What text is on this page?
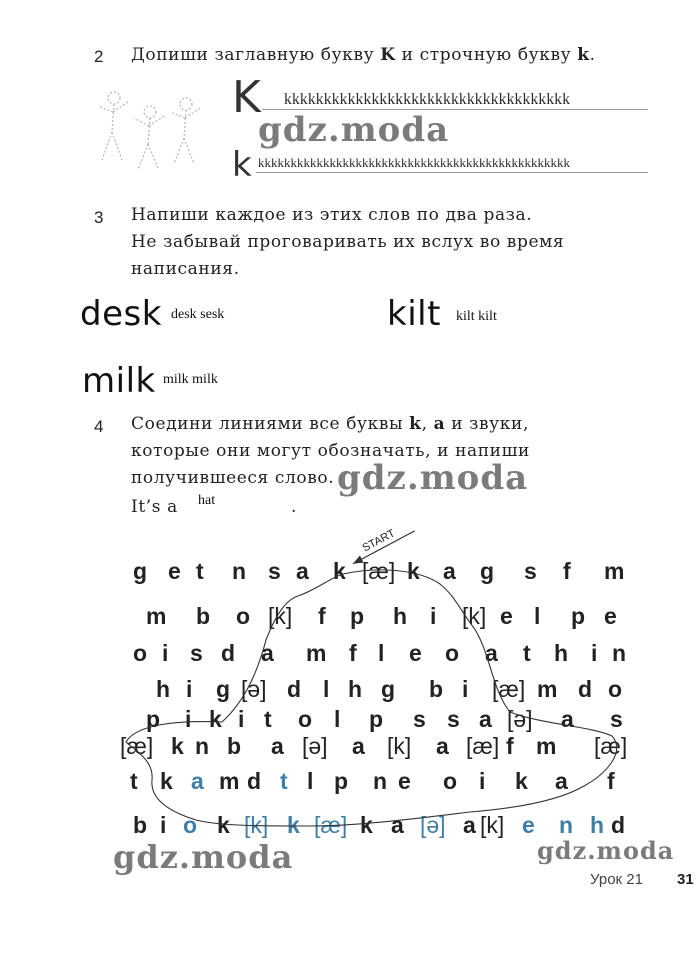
2 Допиши заглавную букву K и строчную букву k.
K kkkkkkkkkkkkkkkkkkkkkkkkkkkkkkkkkkkk
k kkkkkkkkkkkkkkkkkkkkkkkkkkkkkkkkkkkkkkkkkkkkkkkk
3 Напиши каждое из этих слов по два раза.
Не забывай проговаривать их вслух во время
написания.
desk desk sesk	kilt kilt kilt
milk milk milk
4 Соедини линиями все буквы k, a и звуки,
которые они могут обозначать, и напиши
получившееся слово.
It’s a hat	.
START
g e t n s a k [æ] k a g s f m
m b o [k] f p h i [k] e l p e
o i s d a m f l e o a t h i n
h i g [ə] d l h g b i [æ] m d o
p i k i t o l p s s a [ə] a s
[æ] k n b a [ə] a [k] a [æ] f m [æ]
t k a m d t l p n e o i k a f
b i o k [k] k [æ] k a [ə] a [k] e n h d
gdz.moda
gdz.moda
gdz.moda	gdz.moda
Урок 21 31
